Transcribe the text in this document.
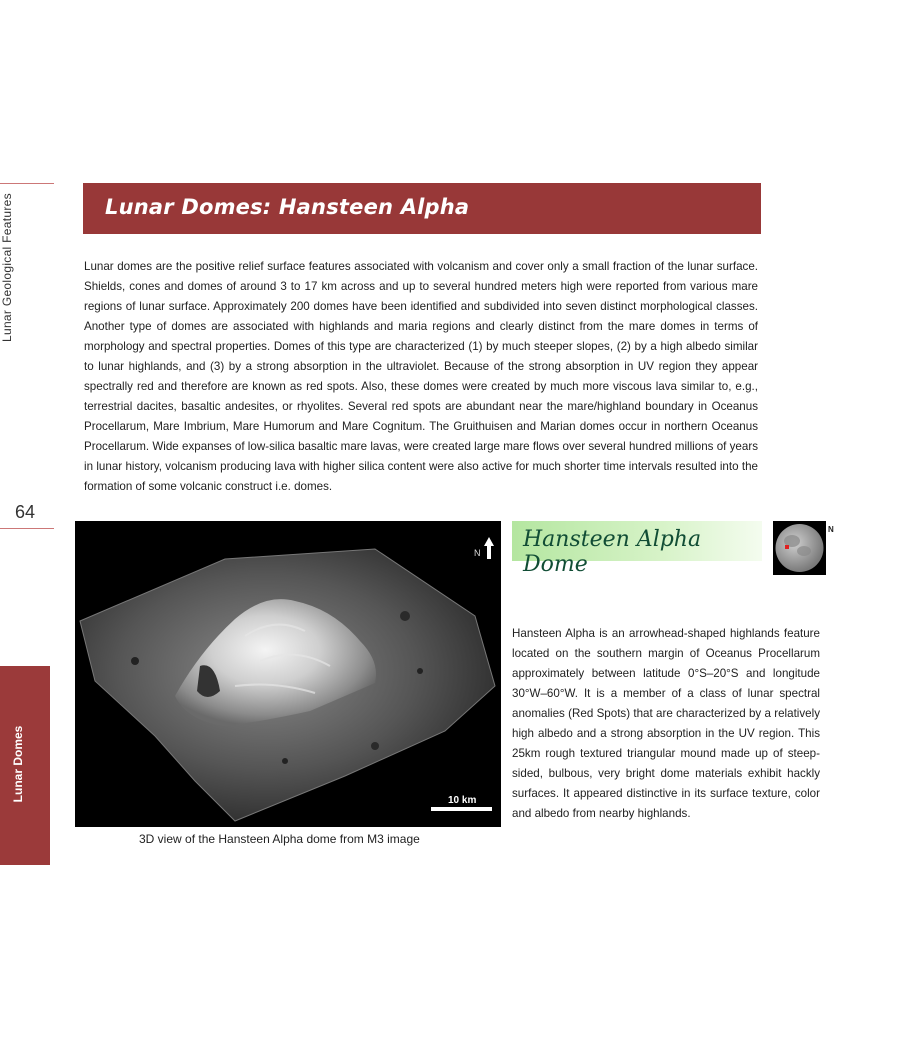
Lunar Geological Features
64
Lunar Domes
Lunar Domes: Hansteen Alpha

Lunar domes are the positive relief surface features associated with volcanism and cover only a small fraction of the lunar surface. Shields, cones and domes of around 3 to 17 km across and up to several hundred meters high were reported from various mare regions of lunar surface. Approximately 200 domes have been identified and subdivided into seven distinct morphological classes. Another type of domes are associated with highlands and maria regions and clearly distinct from the mare domes in terms of morphology and spectral properties. Domes of this type are characterized (1) by much steeper slopes, (2) by a high albedo similar to lunar highlands, and (3) by a strong absorption in the ultraviolet. Because of the strong absorption in UV region they appear spectrally red and therefore are known as red spots. Also, these domes were created by much more viscous lava similar to, e.g., terrestrial dacites, basaltic andesites, or rhyolites. Several red spots are abundant near the mare/highland boundary in Oceanus Procellarum, Mare Imbrium, Mare Humorum and Mare Cognitum. The Gruithuisen and Marian domes occur in northern Oceanus Procellarum. Wide expanses of low-silica basaltic mare lavas, were created large mare flows over several hundred millions of years in lunar history, volcanism producing lava with higher silica content were also active for much shorter time intervals resulted into the formation of some volcanic construct i.e. domes.

N
10 km
3D view of the Hansteen Alpha dome from M3 image
Hansteen Alpha Dome
N

Hansteen Alpha is an arrowhead-shaped highlands feature located on the southern margin of Oceanus Procellarum approximately between latitude 0°S–20°S and longitude 30°W–60°W. It is a member of a class of lunar spectral anomalies (Red Spots) that are characterized by a relatively high albedo and a strong absorption in the UV region. This 25km rough textured triangular mound made up of steep-sided, bulbous, very bright dome materials exhibit hackly surfaces. It appeared distinctive in its surface texture, color and albedo from nearby highlands.
